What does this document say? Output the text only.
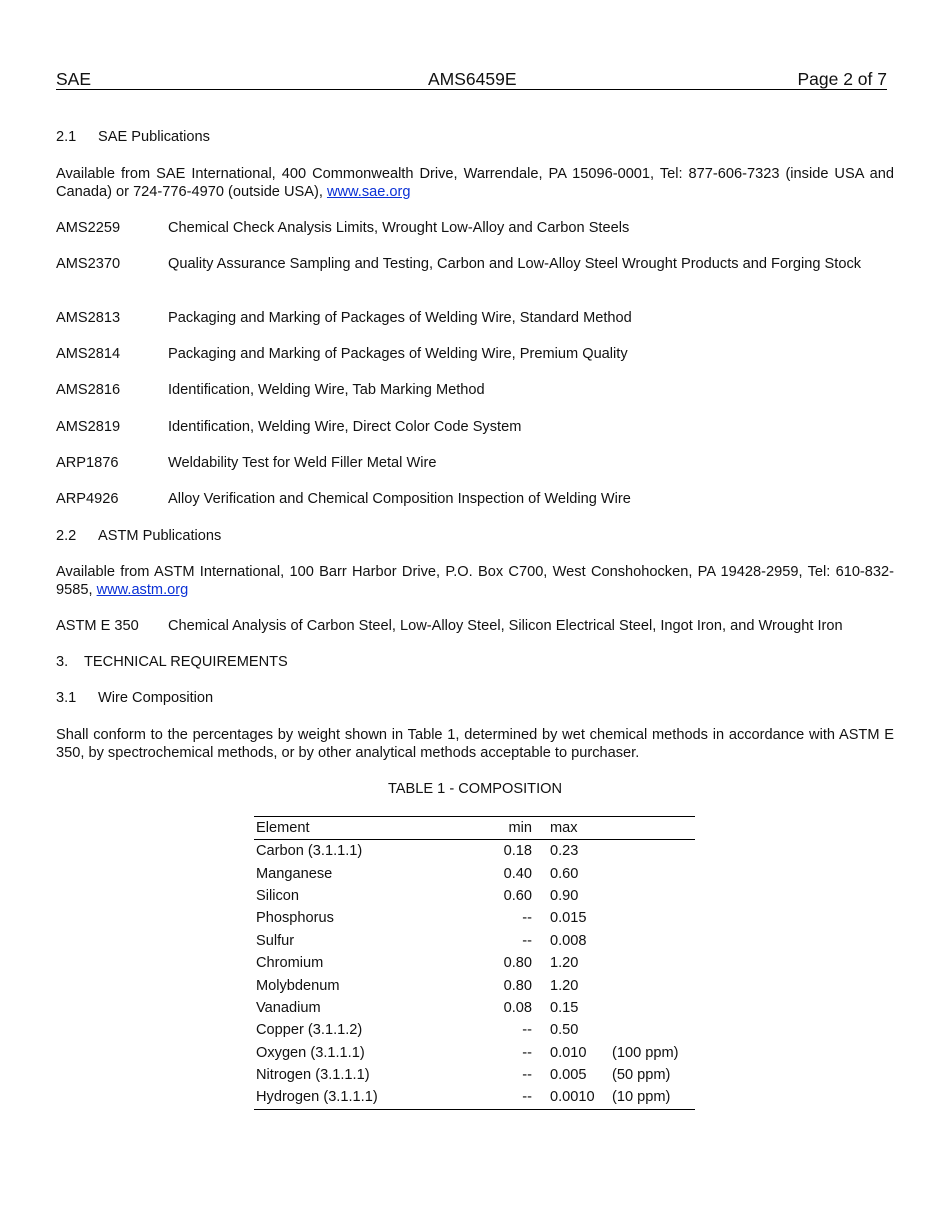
SAE	AMS6459E	Page 2 of 7
2.1 SAE Publications
Available from SAE International, 400 Commonwealth Drive, Warrendale, PA 15096-0001, Tel: 877-606-7323 (inside USA and Canada) or 724-776-4970 (outside USA), www.sae.org
AMS2259	Chemical Check Analysis Limits, Wrought Low-Alloy and Carbon Steels
AMS2370	Quality Assurance Sampling and Testing, Carbon and Low-Alloy Steel Wrought Products and Forging Stock
AMS2813	Packaging and Marking of Packages of Welding Wire, Standard Method
AMS2814	Packaging and Marking of Packages of Welding Wire, Premium Quality
AMS2816	Identification, Welding Wire, Tab Marking Method
AMS2819	Identification, Welding Wire, Direct Color Code System
ARP1876	Weldability Test for Weld Filler Metal Wire
ARP4926	Alloy Verification and Chemical Composition Inspection of Welding Wire
2.2 ASTM Publications
Available from ASTM International, 100 Barr Harbor Drive, P.O. Box C700, West Conshohocken, PA 19428-2959, Tel: 610-832-9585, www.astm.org
ASTM E 350	Chemical Analysis of Carbon Steel, Low-Alloy Steel, Silicon Electrical Steel, Ingot Iron, and Wrought Iron
3. TECHNICAL REQUIREMENTS
3.1 Wire Composition
Shall conform to the percentages by weight shown in Table 1, determined by wet chemical methods in accordance with ASTM E 350, by spectrochemical methods, or by other analytical methods acceptable to purchaser.
TABLE 1 - COMPOSITION
Element	min	max	
Carbon (3.1.1.1)	0.18	0.23	
Manganese	0.40	0.60	
Silicon	0.60	0.90	
Phosphorus	--	0.015	
Sulfur	--	0.008	
Chromium	0.80	1.20	
Molybdenum	0.80	1.20	
Vanadium	0.08	0.15	
Copper (3.1.1.2)	--	0.50	
Oxygen (3.1.1.1)	--	0.010	(100 ppm)
Nitrogen (3.1.1.1)	--	0.005	(50 ppm)
Hydrogen (3.1.1.1)	--	0.0010	(10 ppm)
